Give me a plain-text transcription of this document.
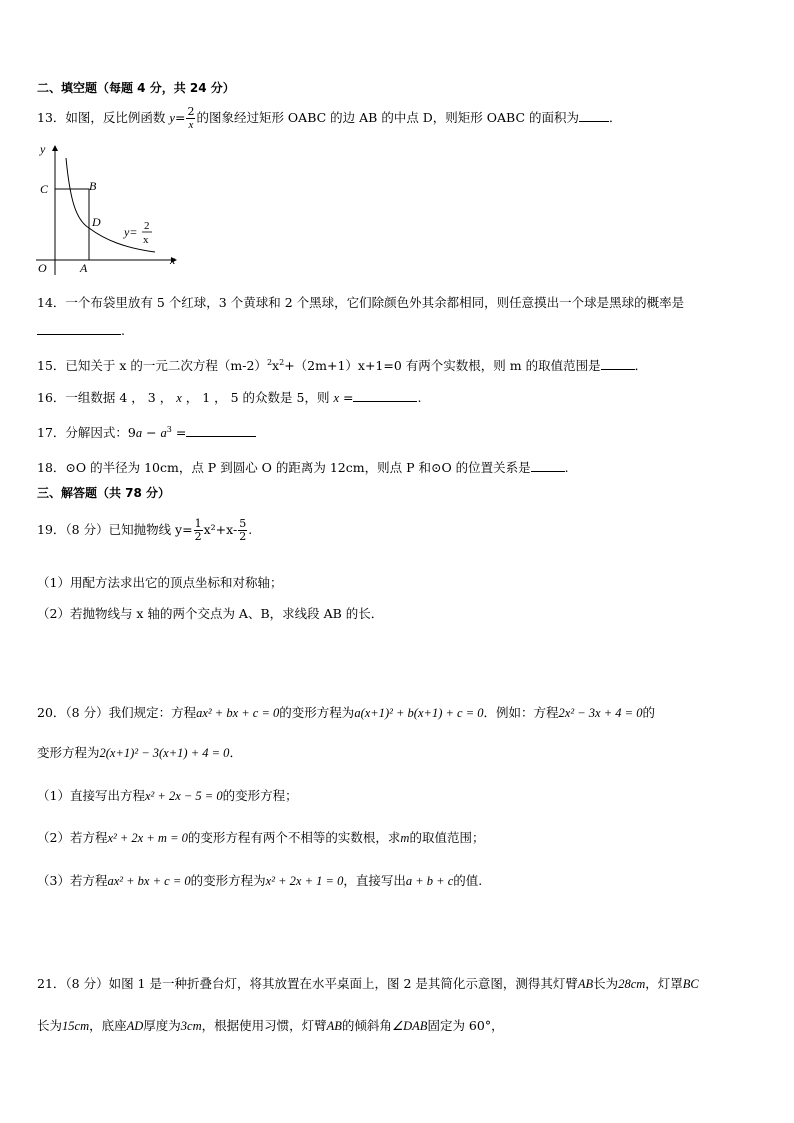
二、填空题（每题 4 分，共 24 分）
13．如图，反比例函数 $y= \frac{2}{x}$ 的图象经过矩形 OABC 的边 AB 的中点 D，则矩形 OABC 的面积为 ．
y
x
C	B
D
O	A
y= 2
x
14．一个布袋里放有 5 个红球，3 个黄球和 2 个黑球，它们除颜色外其余都相同，则任意摸出一个球是黑球的概率是
.
15．已知关于 x 的一元二次方程$(m-2)^2x^2+(2m+1)x+1=0$ 有两个实数根，则 m 的取值范围是	．
16．一组数据 4 ， 3 ， x ， 1 ， 5 的众数是 5，则 x =	.
17．分解因式：$9a - a^3$ =
18．⊙O 的半径为 10cm，点 P 到圆心 O 的距离为 12cm，则点 P 和⊙O 的位置关系是	.
三、解答题（共 78 分）
19．（8 分）已知抛物线 $y= \frac{1}{2} x^2+x- \frac{5}{2}$ .
（1）用配方法求出它的顶点坐标和对称轴；
（2）若抛物线与 x 轴的两个交点为 A、B，求线段 AB 的长．
20．（8 分）我们规定：方程ax² + bx + c = 0的变形方程为a(x+1)² + b(x+1) + c = 0．例如：方程2x² − 3x + 4 = 0的
变形方程为2(x+1)² − 3(x+1) + 4 = 0．
（1）直接写出方程x² + 2x − 5 = 0的变形方程；
（2）若方程x² + 2x + m = 0的变形方程有两个不相等的实数根，求m的取值范围；
（3）若方程ax² + bx + c = 0的变形方程为x² + 2x + 1 = 0，直接写出a + b + c的值.
21．（8 分）如图 1 是一种折叠台灯，将其放置在水平桌面上，图 2 是其简化示意图，测得其灯臂AB长为28cm，灯罩BC
长为15cm，底座AD厚度为3cm，根据使用习惯，灯臂AB的倾斜角∠DAB固定为 60°，
